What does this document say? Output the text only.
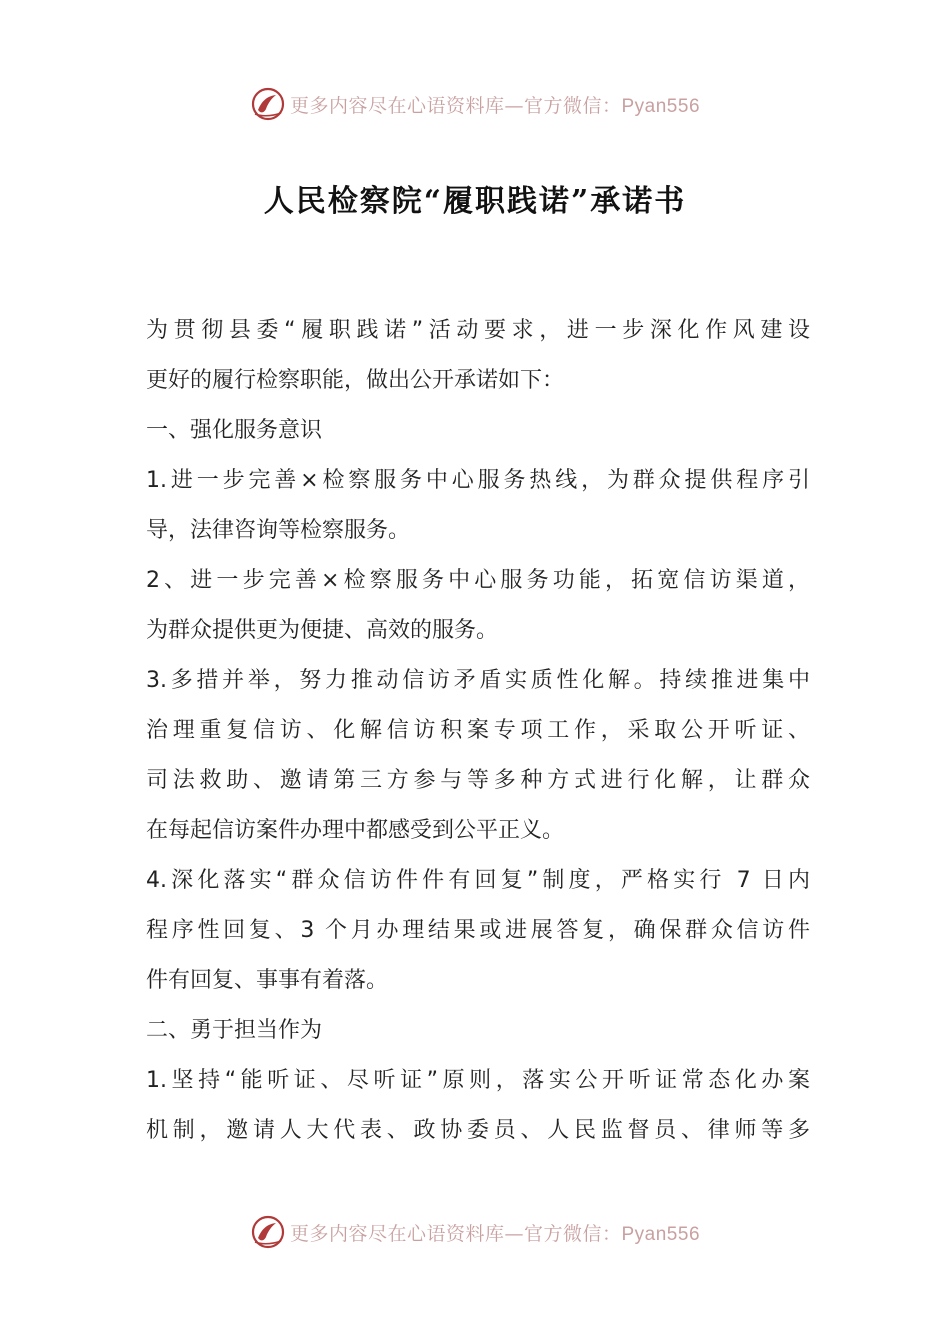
更多内容尽在心语资料库—官方微信：Pyan556
人民检察院“履职践诺”承诺书
为贯彻县委“履职践诺”活动要求，进一步深化作风建设
更好的履行检察职能，做出公开承诺如下：
一、强化服务意识
1.进一步完善×检察服务中心服务热线，为群众提供程序引
导，法律咨询等检察服务。
2、进一步完善×检察服务中心服务功能，拓宽信访渠道，
为群众提供更为便捷、高效的服务。
3.多措并举，努力推动信访矛盾实质性化解。持续推进集中
治理重复信访、化解信访积案专项工作，采取公开听证、
司法救助、邀请第三方参与等多种方式进行化解，让群众
在每起信访案件办理中都感受到公平正义。
4.深化落实“群众信访件件有回复”制度，严格实行 7 日内
程序性回复、3 个月办理结果或进展答复，确保群众信访件
件有回复、事事有着落。
二、勇于担当作为
1.坚持“能听证、尽听证”原则，落实公开听证常态化办案
机制，邀请人大代表、政协委员、人民监督员、律师等多
更多内容尽在心语资料库—官方微信：Pyan556
